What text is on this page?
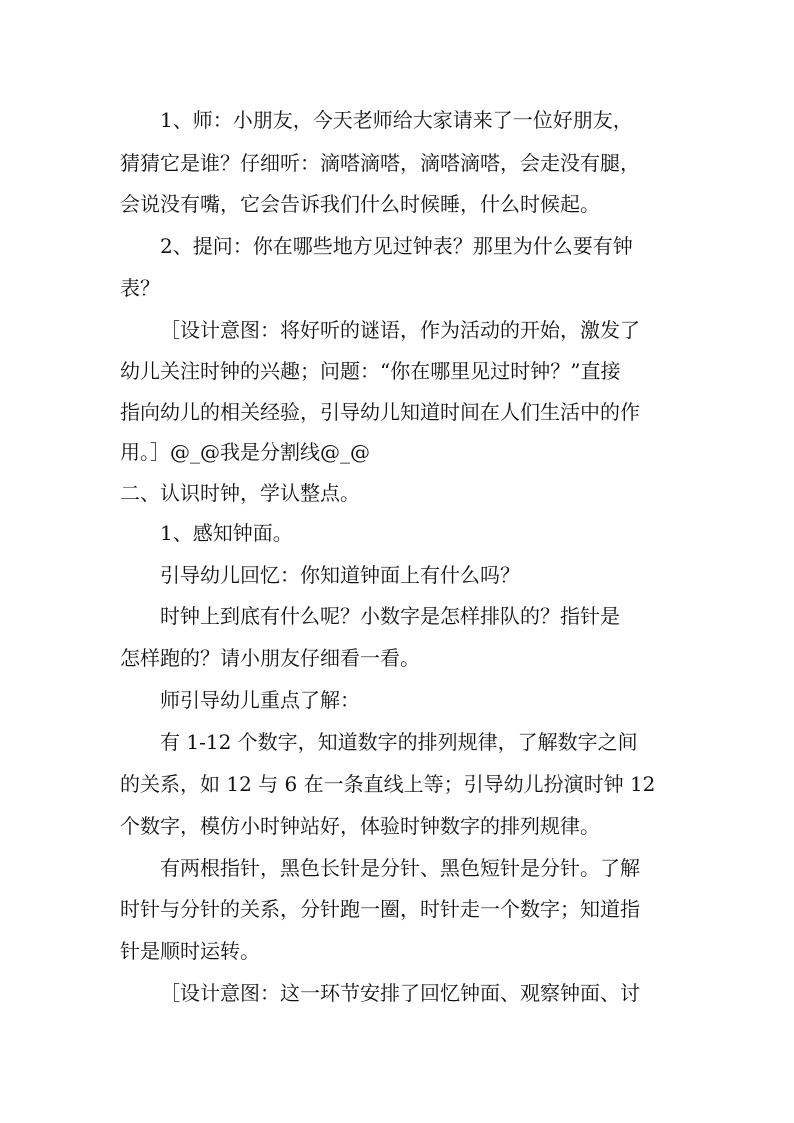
1、师：小朋友，今天老师给大家请来了一位好朋友，
猜猜它是谁？仔细听：滴嗒滴嗒，滴嗒滴嗒，会走没有腿，
会说没有嘴，它会告诉我们什么时候睡，什么时候起。
2、提问：你在哪些地方见过钟表？那里为什么要有钟
表？
［设计意图：将好听的谜语，作为活动的开始，激发了
幼儿关注时钟的兴趣；问题：“你在哪里见过时钟？”直接
指向幼儿的相关经验，引导幼儿知道时间在人们生活中的作
用。］@_@我是分割线@_@
二、认识时钟，学认整点。
1、感知钟面。
引导幼儿回忆：你知道钟面上有什么吗？
时钟上到底有什么呢？小数字是怎样排队的？指针是
怎样跑的？请小朋友仔细看一看。
师引导幼儿重点了解：
有 1-12 个数字，知道数字的排列规律，了解数字之间
的关系，如 12 与 6 在一条直线上等；引导幼儿扮演时钟 12
个数字，模仿小时钟站好，体验时钟数字的排列规律。
有两根指针，黑色长针是分针、黑色短针是分针。了解
时针与分针的关系，分针跑一圈，时针走一个数字；知道指
针是顺时运转。
［设计意图：这一环节安排了回忆钟面、观察钟面、讨
